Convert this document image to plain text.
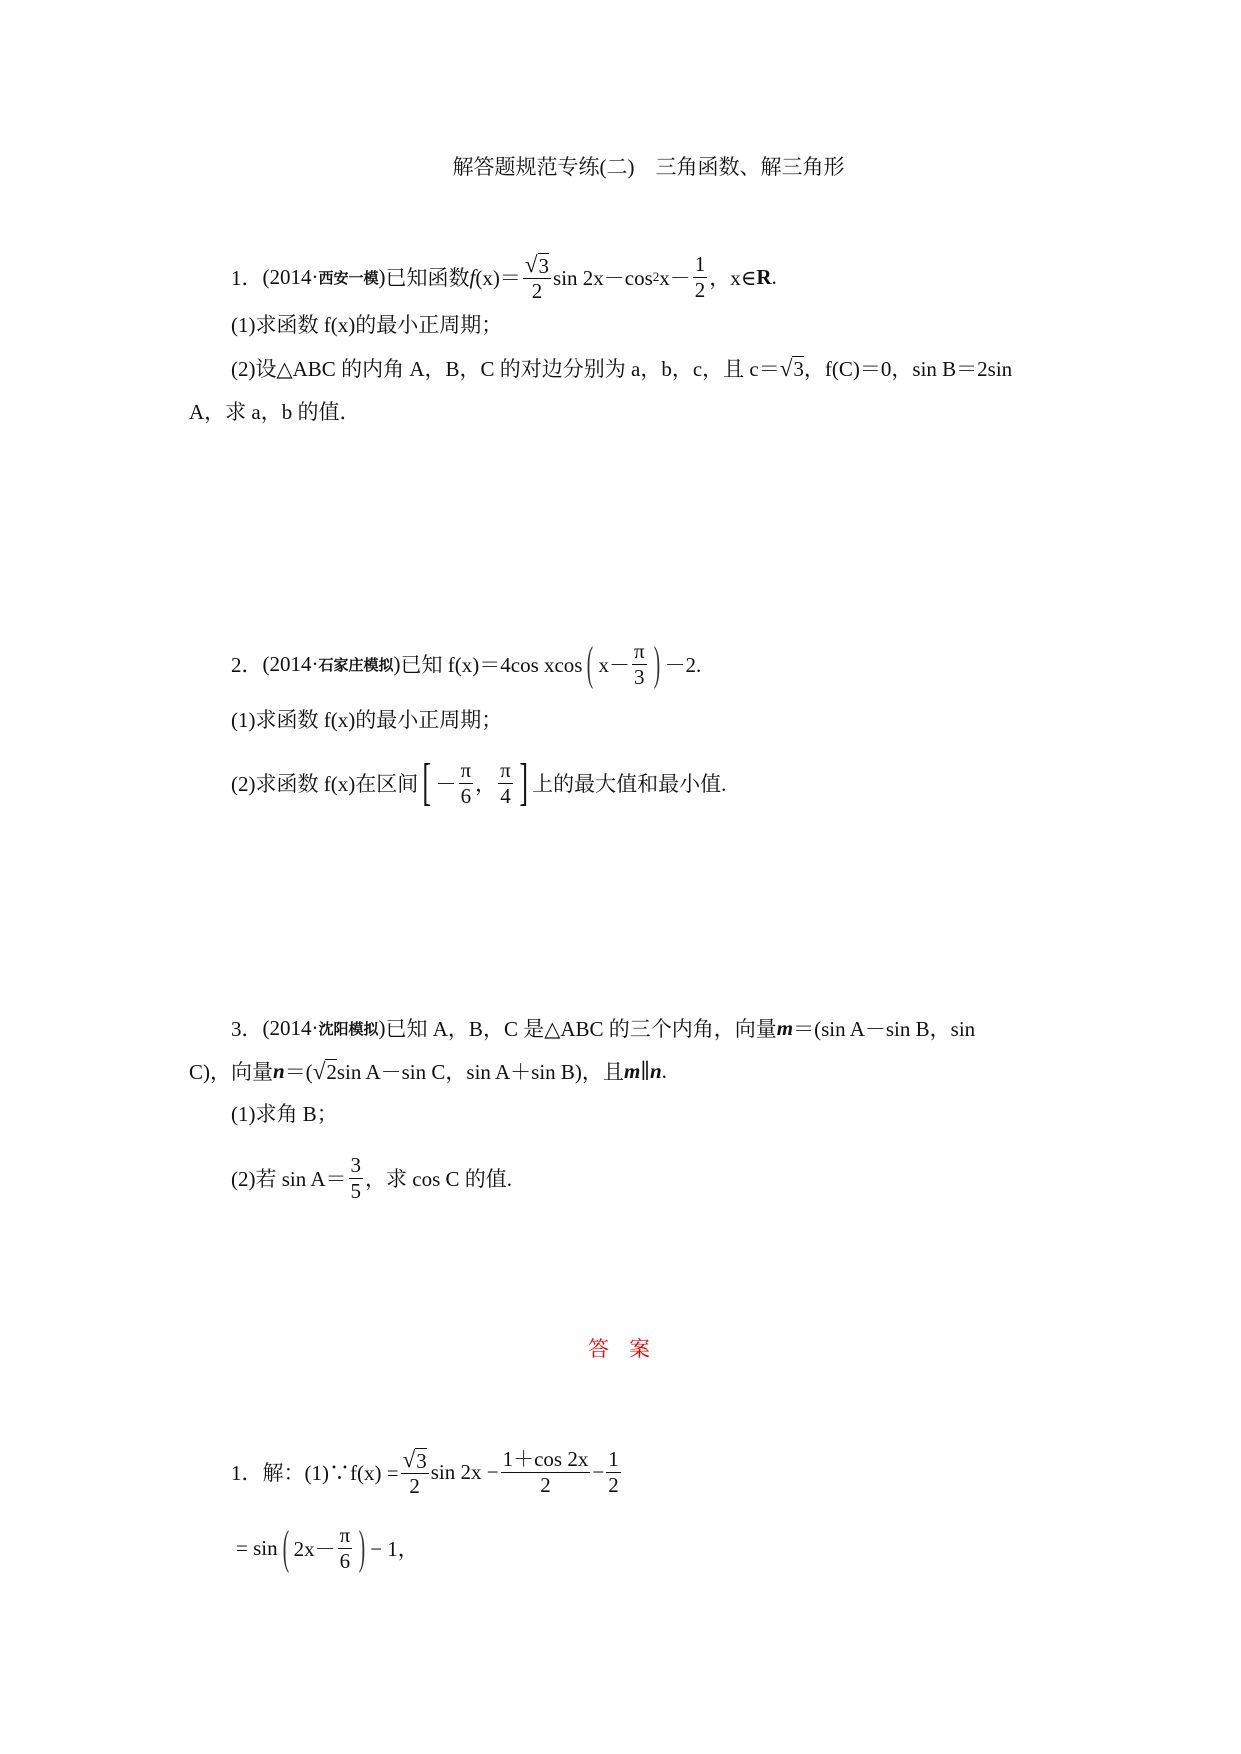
解答题规范专练(二)　三角函数、解三角形
1． (2014· 西安一模 ) 已知函数 f $(x)= \frac{√ 3}{2}$ sin 2x－cos 2 $x- \frac{1}{2}$ ，x∈ R .
(1)求函数 f(x)的最小正周期；
(2)设△ABC 的内角 A，B，C 的对边分别为 a，b，c，且 c＝ √ 3 ，f(C)＝0，sin B＝2sin
A，求 a，b 的值．
2． (2014· 石家庄模拟 ) 已知 f(x)＝4cos xcos ( $x- \frac{\pi}{3}$ ) －2.
(1)求函数 f(x)的最小正周期；
(2)求函数 f(x)在区间 [ － $\frac{\pi}{6}$ ， $\frac{\pi}{4}$ ] 上的最大值和最小值.
3． (2014· 沈阳模拟 ) 已知 A，B，C 是△ABC 的三个内角，向量 m ＝(sin A－sin B，sin
C)，向量 n ＝( √ 2 sin A－sin C，sin A＋sin B)，且 m ∥ n .
(1)求角 B；
(2)若 $\sin A= \frac{3}{5}$ ，求 cos C 的值.
答案
1．解：(1)∵f(x) = $\frac{√ 3}{2}$ $\sin 2x - \frac{1+\cos 2x}{2} - \frac{1}{2}$
= sin ( $2x- \frac{\pi}{6}$ ) − 1，
